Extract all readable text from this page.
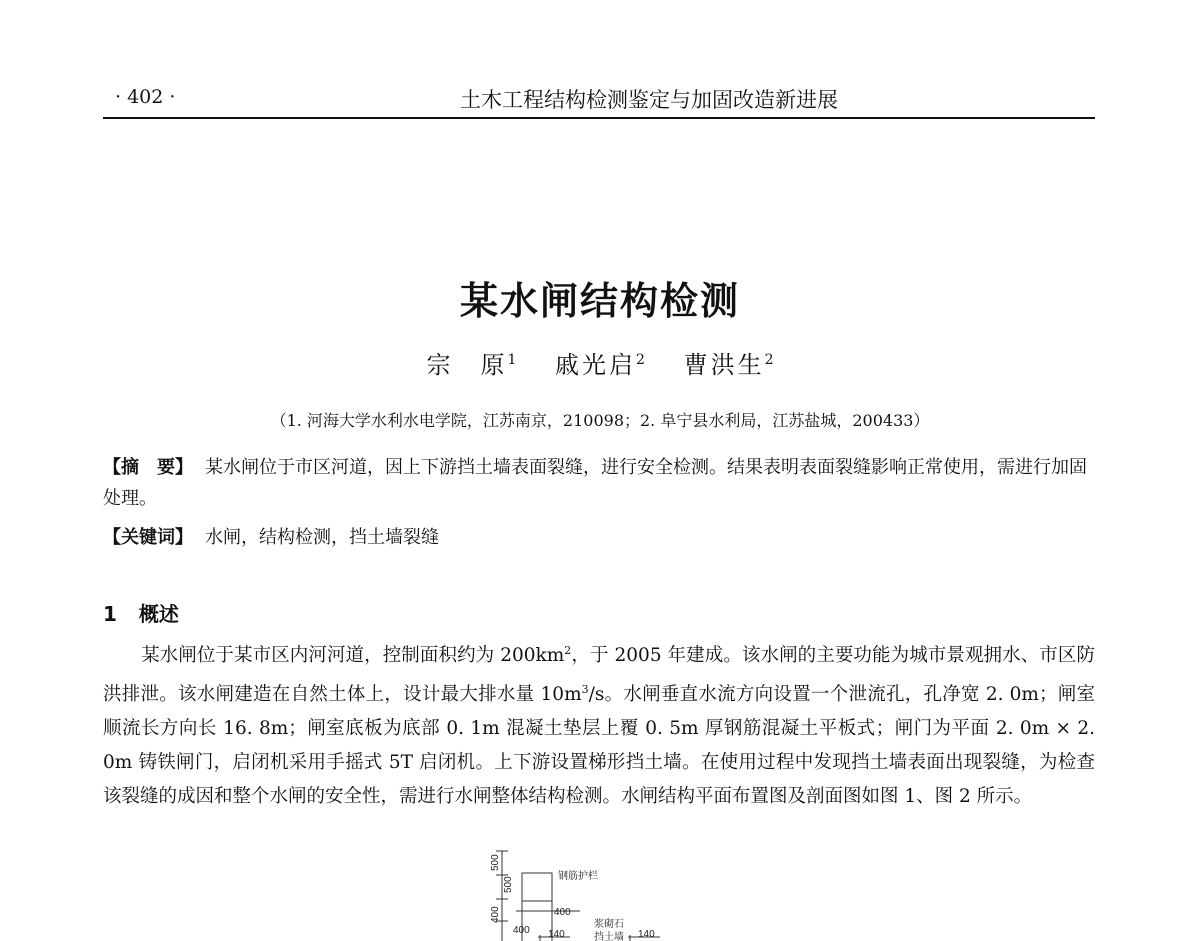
· 402 ·	土木工程结构检测鉴定与加固改造新进展
某水闸结构检测
宗　原$^1$ 戚光启$^2$ 曹洪生$^2$
（1. 河海大学水利水电学院，江苏南京，210098；2. 阜宁县水利局，江苏盐城，200433）
【摘　要】 某水闸位于市区河道，因上下游挡土墙表面裂缝，进行安全检测。结果表明表面裂缝影响正常使用，需进行加固处理。
【关键词】 水闸，结构检测，挡土墙裂缝
1 概述
某水闸位于某市区内河河道，控制面积约为 $200km^2$，于 2005 年建成。该水闸的主要功能为城市景观拥水、市区防洪排泄。该水闸建造在自然土体上，设计最大排水量 $10m^3/s$。水闸垂直水流方向设置一个泄流孔，孔净宽 2. 0m；闸室顺流长方向长 16. 8m；闸室底板为底部 0. 1m 混凝土垫层上覆 0. 5m 厚钢筋混凝土平板式；闸门为平面 2. 0m × 2. 0m 铸铁闸门，启闭机采用手摇式 5T 启闭机。上下游设置梯形挡土墙。在使用过程中发现挡土墙表面出现裂缝，为检查该裂缝的成因和整个水闸的安全性，需进行水闸整体结构检测。水闸结构平面布置图及剖面图如图 1、图 2 所示。
500
500
400
400
400
钢筋护栏
浆砌石
挡土墙
140	140
